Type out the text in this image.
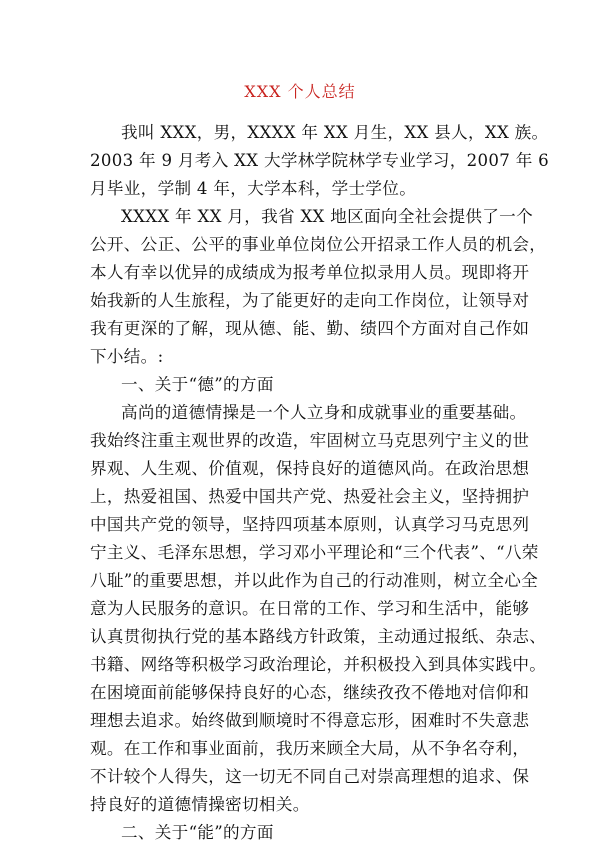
XXX 个人总结
我叫 XXX，男，XXXX 年 XX 月生，XX 县人，XX 族。
2003 年 9 月考入 XX 大学林学院林学专业学习，2007 年 6
月毕业，学制 4 年，大学本科，学士学位。
XXXX 年 XX 月，我省 XX 地区面向全社会提供了一个
公开、公正、公平的事业单位岗位公开招录工作人员的机会，
本人有幸以优异的成绩成为报考单位拟录用人员。现即将开
始我新的人生旅程，为了能更好的走向工作岗位，让领导对
我有更深的了解，现从德、能、勤、绩四个方面对自己作如
下小结。:
一、关于“德”的方面
高尚的道德情操是一个人立身和成就事业的重要基础。
我始终注重主观世界的改造，牢固树立马克思列宁主义的世
界观、人生观、价值观，保持良好的道德风尚。在政治思想
上，热爱祖国、热爱中国共产党、热爱社会主义，坚持拥护
中国共产党的领导，坚持四项基本原则，认真学习马克思列
宁主义、毛泽东思想，学习邓小平理论和“三个代表”、“八荣
八耻”的重要思想，并以此作为自己的行动准则，树立全心全
意为人民服务的意识。在日常的工作、学习和生活中，能够
认真贯彻执行党的基本路线方针政策，主动通过报纸、杂志、
书籍、网络等积极学习政治理论，并积极投入到具体实践中。
在困境面前能够保持良好的心态，继续孜孜不倦地对信仰和
理想去追求。始终做到顺境时不得意忘形，困难时不失意悲
观。在工作和事业面前，我历来顾全大局，从不争名夺利，
不计较个人得失，这一切无不同自己对崇高理想的追求、保
持良好的道德情操密切相关。
二、关于“能”的方面
